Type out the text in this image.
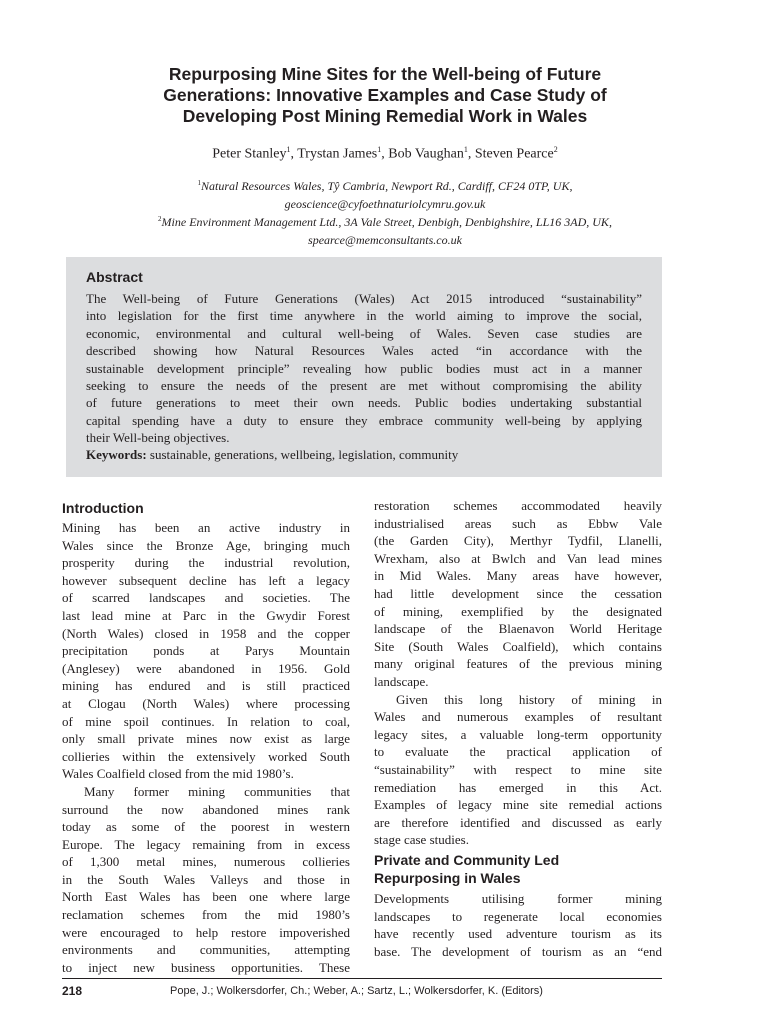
Repurposing Mine Sites for the Well-being of Future
Generations: Innovative Examples and Case Study of
Developing Post Mining Remedial Work in Wales
Peter Stanley$^1$, Trystan James$^1$, Bob Vaughan$^1$, Steven Pearce$^2$
$^1$Natural Resources Wales, Tŷ Cambria, Newport Rd., Cardiff, CF24 0TP, UK,
geoscience@cyfoethnaturiolcymru.gov.uk
$^2$Mine Environment Management Ltd., 3A Vale Street, Denbigh, Denbighshire, LL16 3AD, UK,
spearce@memconsultants.co.uk
Abstract
The Well-being of Future Generations (Wales) Act 2015 introduced “sustainability”
into legislation for the first time anywhere in the world aiming to improve the social,
economic, environmental and cultural well-being of Wales. Seven case studies are
described showing how Natural Resources Wales acted “in accordance with the
sustainable development principle” revealing how public bodies must act in a manner
seeking to ensure the needs of the present are met without compromising the ability
of future generations to meet their own needs. Public bodies undertaking substantial
capital spending have a duty to ensure they embrace community well-being by applying
their Well-being objectives.
Keywords: sustainable, generations, wellbeing, legislation, community
Introduction
Mining has been an active industry in
Wales since the Bronze Age, bringing much
prosperity during the industrial revolution,
however subsequent decline has left a legacy
of scarred landscapes and societies. The
last lead mine at Parc in the Gwydir Forest
(North Wales) closed in 1958 and the copper
precipitation ponds at Parys Mountain
(Anglesey) were abandoned in 1956. Gold
mining has endured and is still practiced
at Clogau (North Wales) where processing
of mine spoil continues. In relation to coal,
only small private mines now exist as large
collieries within the extensively worked South
Wales Coalfield closed from the mid 1980’s.
Many former mining communities that
surround the now abandoned mines rank
today as some of the poorest in western
Europe. The legacy remaining from in excess
of 1,300 metal mines, numerous collieries
in the South Wales Valleys and those in
North East Wales has been one where large
reclamation schemes from the mid 1980’s
were encouraged to help restore impoverished
environments and communities, attempting
to inject new business opportunities. These
restoration schemes accommodated heavily
industrialised areas such as Ebbw Vale
(the Garden City), Merthyr Tydfil, Llanelli,
Wrexham, also at Bwlch and Van lead mines
in Mid Wales. Many areas have however,
had little development since the cessation
of mining, exemplified by the designated
landscape of the Blaenavon World Heritage
Site (South Wales Coalfield), which contains
many original features of the previous mining
landscape.
Given this long history of mining in
Wales and numerous examples of resultant
legacy sites, a valuable long-term opportunity
to evaluate the practical application of
“sustainability” with respect to mine site
remediation has emerged in this Act.
Examples of legacy mine site remedial actions
are therefore identified and discussed as early
stage case studies.
Private and Community Led
Repurposing in Wales
Developments utilising former mining
landscapes to regenerate local economies
have recently used adventure tourism as its
base. The development of tourism as an “end
218	Pope, J.; Wolkersdorfer, Ch.; Weber, A.; Sartz, L.; Wolkersdorfer, K. (Editors)
